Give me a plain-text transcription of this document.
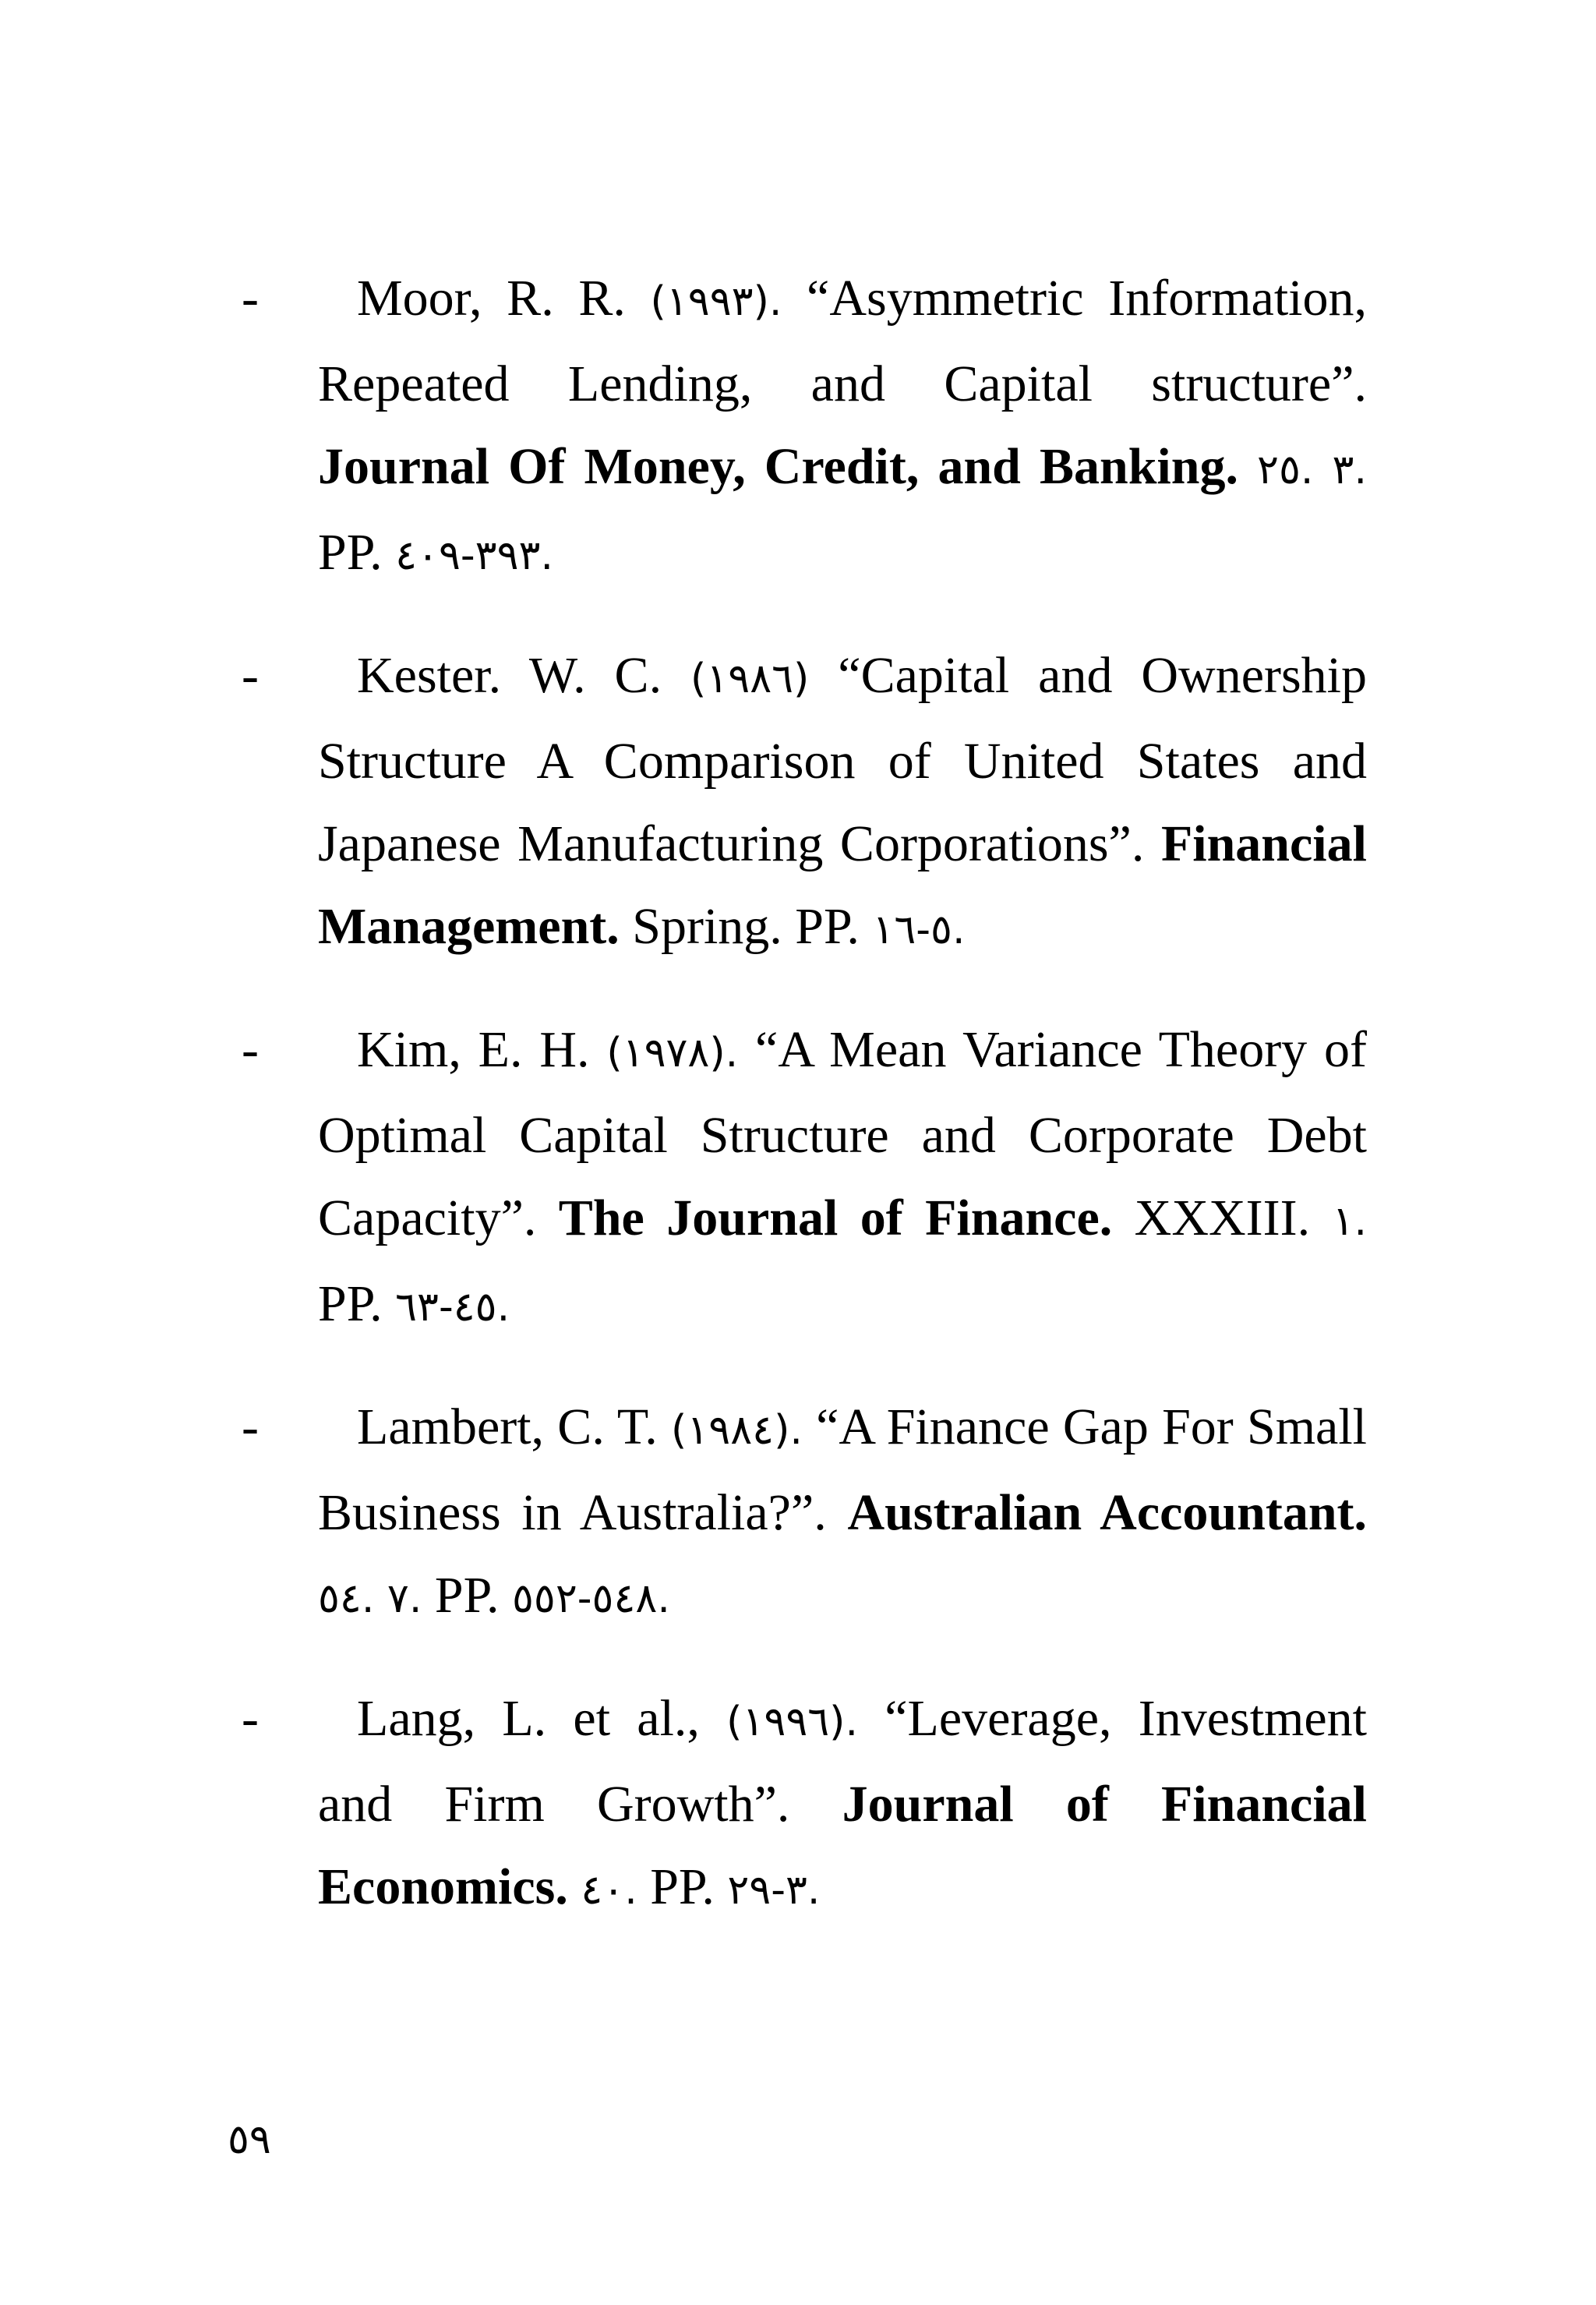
-	Moor, R. R. (١٩٩٣). “Asymmetric Information, Repeated Lending, and Capital structure”. Journal Of Money, Credit, and Banking. ٢٥. ٣. PP. ٣٩٣-٤٠٩.
-	Kester. W. C. (١٩٨٦) “Capital and Ownership Structure A Comparison of United States and Japanese Manufacturing Corporations”. Financial Management. Spring. PP. ٥-١٦.
-	Kim, E. H. (١٩٧٨). “A Mean Variance Theory of Optimal Capital Structure and Corporate Debt Capacity”. The Journal of Finance. XXXIII. ١. PP. ٤٥-٦٣.
-	Lambert, C. T. (١٩٨٤). “A Finance Gap For Small Business in Australia?”. Australian Accountant. ٥٤. ٧. PP. ٥٤٨-٥٥٢.
-	Lang, L. et al., (١٩٩٦). “Leverage, Investment and Firm Growth”. Journal of Financial Economics. ٤٠. PP. ٣-٢٩.
٥٩
